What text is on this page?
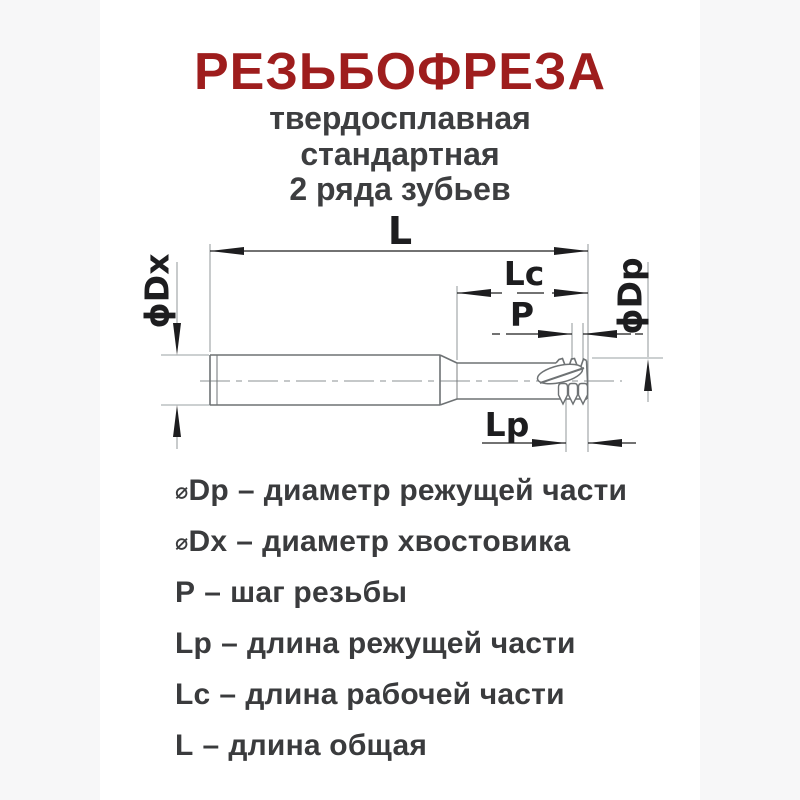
РЕЗЬБОФРЕЗА
твердосплавная
стандартная
2 ряда зубьев
L
Lc
P
Lp
ϕDx	ϕDp
⌀Dp – диаметр режущей части
⌀Dx – диаметр хвостовика
P – шаг резьбы
Lp – длина режущей части
Lc – длина рабочей части
L – длина общая
